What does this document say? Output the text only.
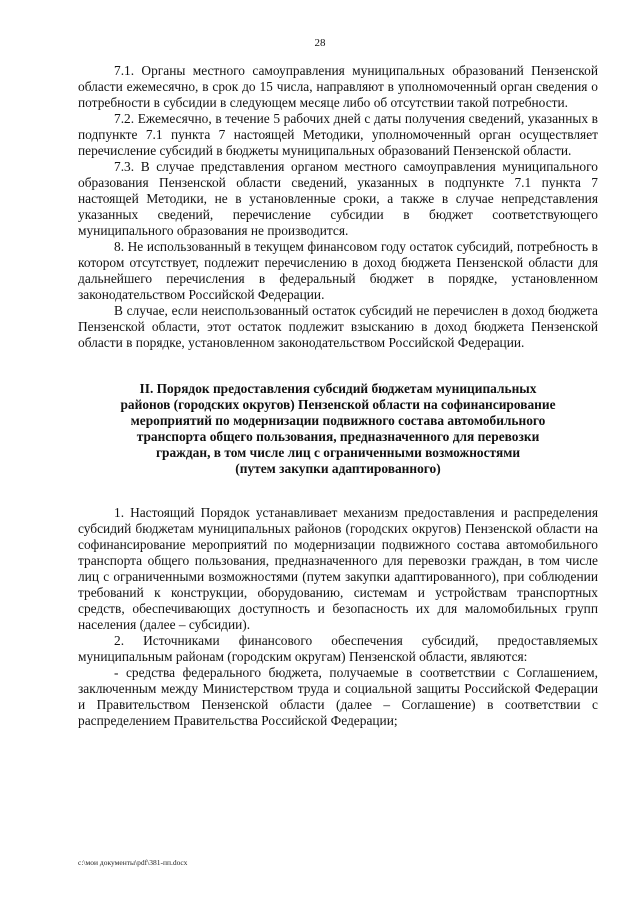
28

7.1. Органы местного самоуправления муниципальных образований Пензенской области ежемесячно, в срок до 15 числа, направляют в уполномоченный орган сведения о потребности в субсидии в следующем месяце либо об отсутствии такой потребности.

7.2. Ежемесячно, в течение 5 рабочих дней с даты получения сведений, указанных в подпункте 7.1 пункта 7 настоящей Методики, уполномоченный орган осуществляет перечисление субсидий в бюджеты муниципальных образований Пензенской области.

7.3. В случае представления органом местного самоуправления муниципального образования Пензенской области сведений, указанных в подпункте 7.1 пункта 7 настоящей Методики, не в установленные сроки, а также в случае непредставления указанных сведений, перечисление субсидии в бюджет соответствующего муниципального образования не производится.

8. Не использованный в текущем финансовом году остаток субсидий, потребность в котором отсутствует, подлежит перечислению в доход бюджета Пензенской области для дальнейшего перечисления в федеральный бюджет в порядке, установленном законодательством Российской Федерации.

В случае, если неиспользованный остаток субсидий не перечислен в доход бюджета Пензенской области, этот остаток подлежит взысканию в доход бюджета Пензенской области в порядке, установленном законодательством Российской Федерации.

II. Порядок предоставления субсидий бюджетам муниципальных
районов (городских округов) Пензенской области на софинансирование
мероприятий по модернизации подвижного состава автомобильного
транспорта общего пользования, предназначенного для перевозки
граждан, в том числе лиц с ограниченными возможностями
(путем закупки адаптированного)

1. Настоящий Порядок устанавливает механизм предоставления и распределения субсидий бюджетам муниципальных районов (городских округов) Пензенской области на софинансирование мероприятий по модернизации подвижного состава автомобильного транспорта общего пользования, предназначенного для перевозки граждан, в том числе лиц с ограниченными возможностями (путем закупки адаптированного), при соблюдении требований к конструкции, оборудованию, системам и устройствам транспортных средств, обеспечивающих доступность и безопасность их для маломобильных групп населения (далее – субсидии).

2. Источниками финансового обеспечения субсидий, предоставляемых муниципальным районам (городским округам) Пензенской области, являются:

- средства федерального бюджета, получаемые в соответствии с Соглашением, заключенным между Министерством труда и социальной защиты Российской Федерации и Правительством Пензенской области (далее – Соглашение) в соответствии с распределением Правительства Российской Федерации;

c:\мои документы\pdf\381-пп.docx
